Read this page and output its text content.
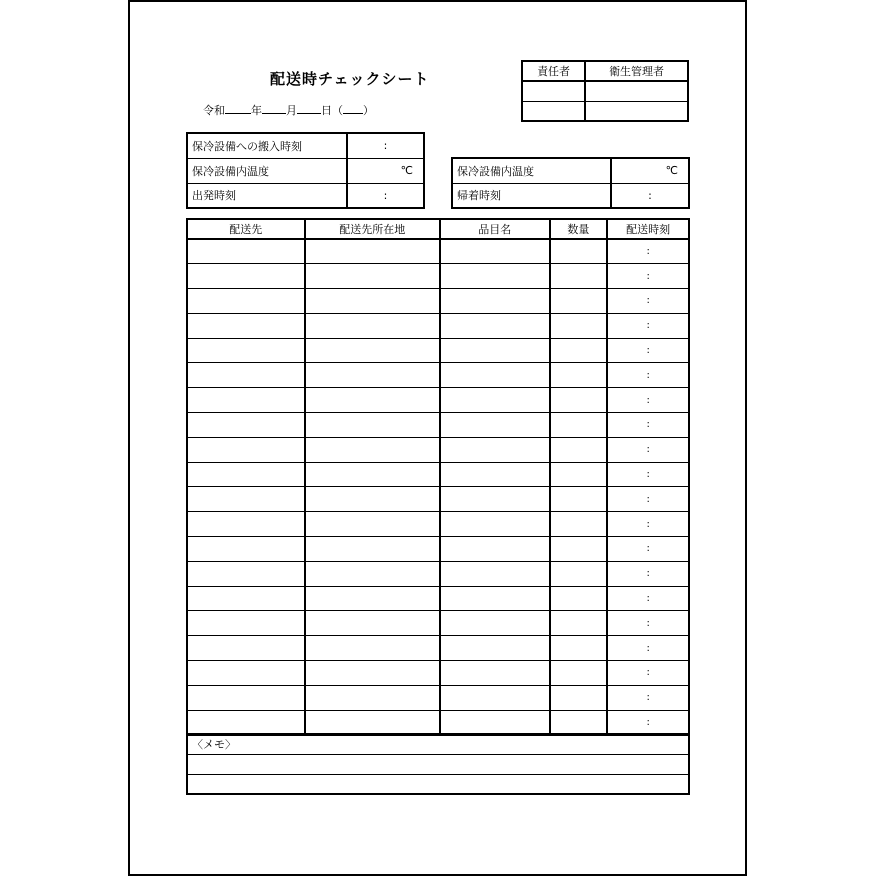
配送時チェックシート
令和 年 月 日（ ）
責任者	衛生管理者

保冷設備への搬入時刻	:
保冷設備内温度	℃
出発時刻	:
保冷設備内温度	℃
帰着時刻	:
配送先	配送先所在地	品目名	数量	配送時刻
				:
				:
				:
				:
				:
				:
				:
				:
				:
				:
				:
				:
				:
				:
				:
				:
				:
				:
				:
				:
〈メモ〉
